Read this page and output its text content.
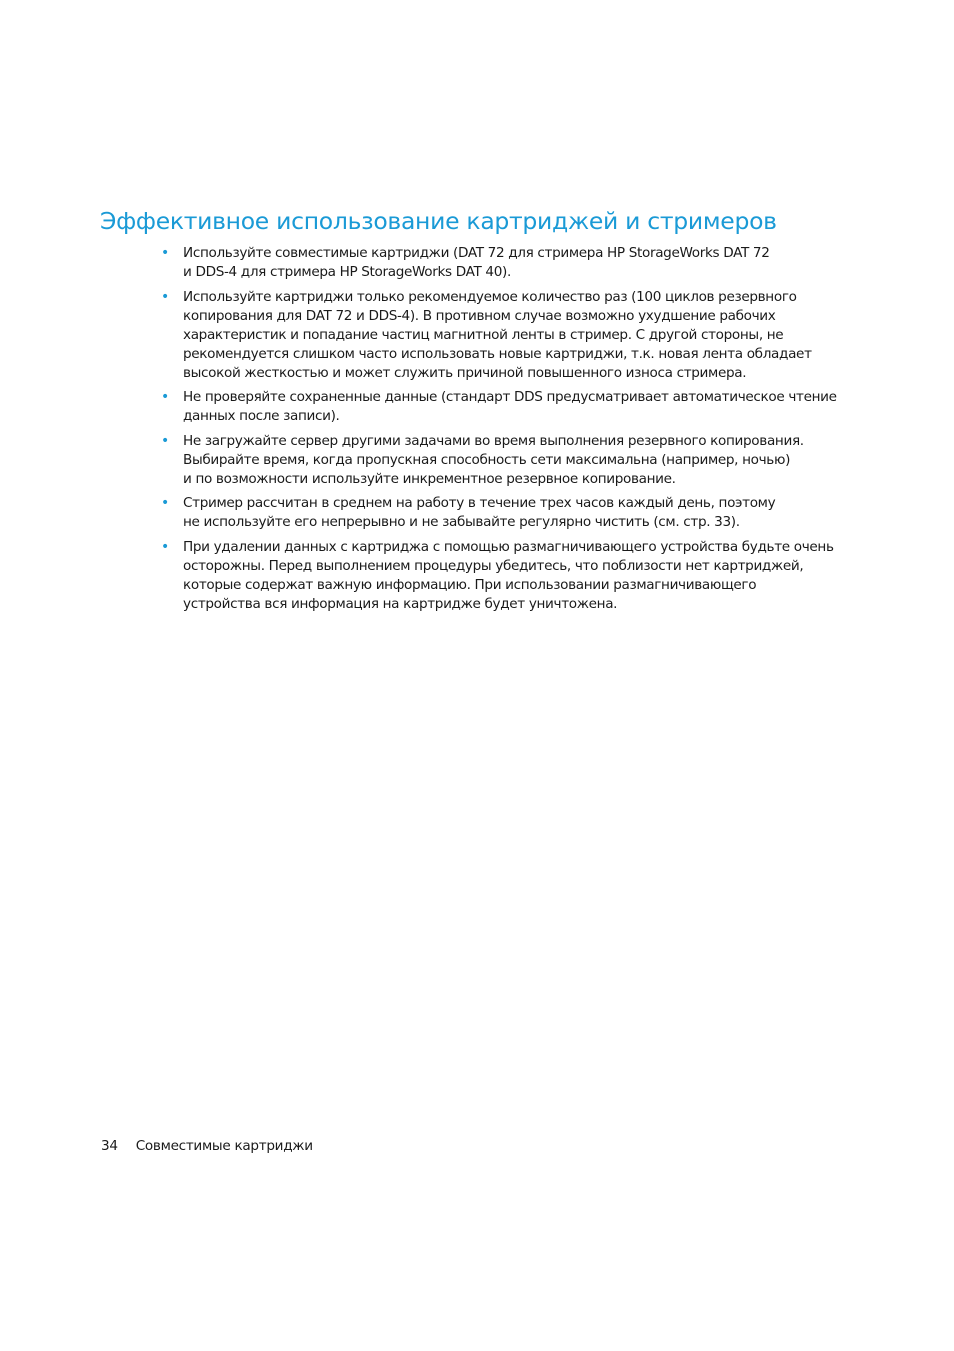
Эффективное использование картриджей и стримеров
• Используйте совместимые картриджи (DAT 72 для стримера HP StorageWorks DAT 72
и DDS-4 для стримера HP StorageWorks DAT 40).
• Используйте картриджи только рекомендуемое количество раз (100 циклов резервного
копирования для DAT 72 и DDS-4). В противном случае возможно ухудшение рабочих
характеристик и попадание частиц магнитной ленты в стример. С другой стороны, не
рекомендуется слишком часто использовать новые картриджи, т.к. новая лента обладает
высокой жесткостью и может служить причиной повышенного износа стримера.
• Не проверяйте сохраненные данные (стандарт DDS предусматривает автоматическое чтение
данных после записи).
• Не загружайте сервер другими задачами во время выполнения резервного копирования.
Выбирайте время, когда пропускная способность сети максимальна (например, ночью)
и по возможности используйте инкрементное резервное копирование.
• Стример рассчитан в среднем на работу в течение трех часов каждый день, поэтому
не используйте его непрерывно и не забывайте регулярно чистить (см. стр. 33).
• При удалении данных с картриджа с помощью размагничивающего устройства будьте очень
осторожны. Перед выполнением процедуры убедитесь, что поблизости нет картриджей,
которые содержат важную информацию. При использовании размагничивающего
устройства вся информация на картридже будет уничтожена.
34 Совместимые картриджи
